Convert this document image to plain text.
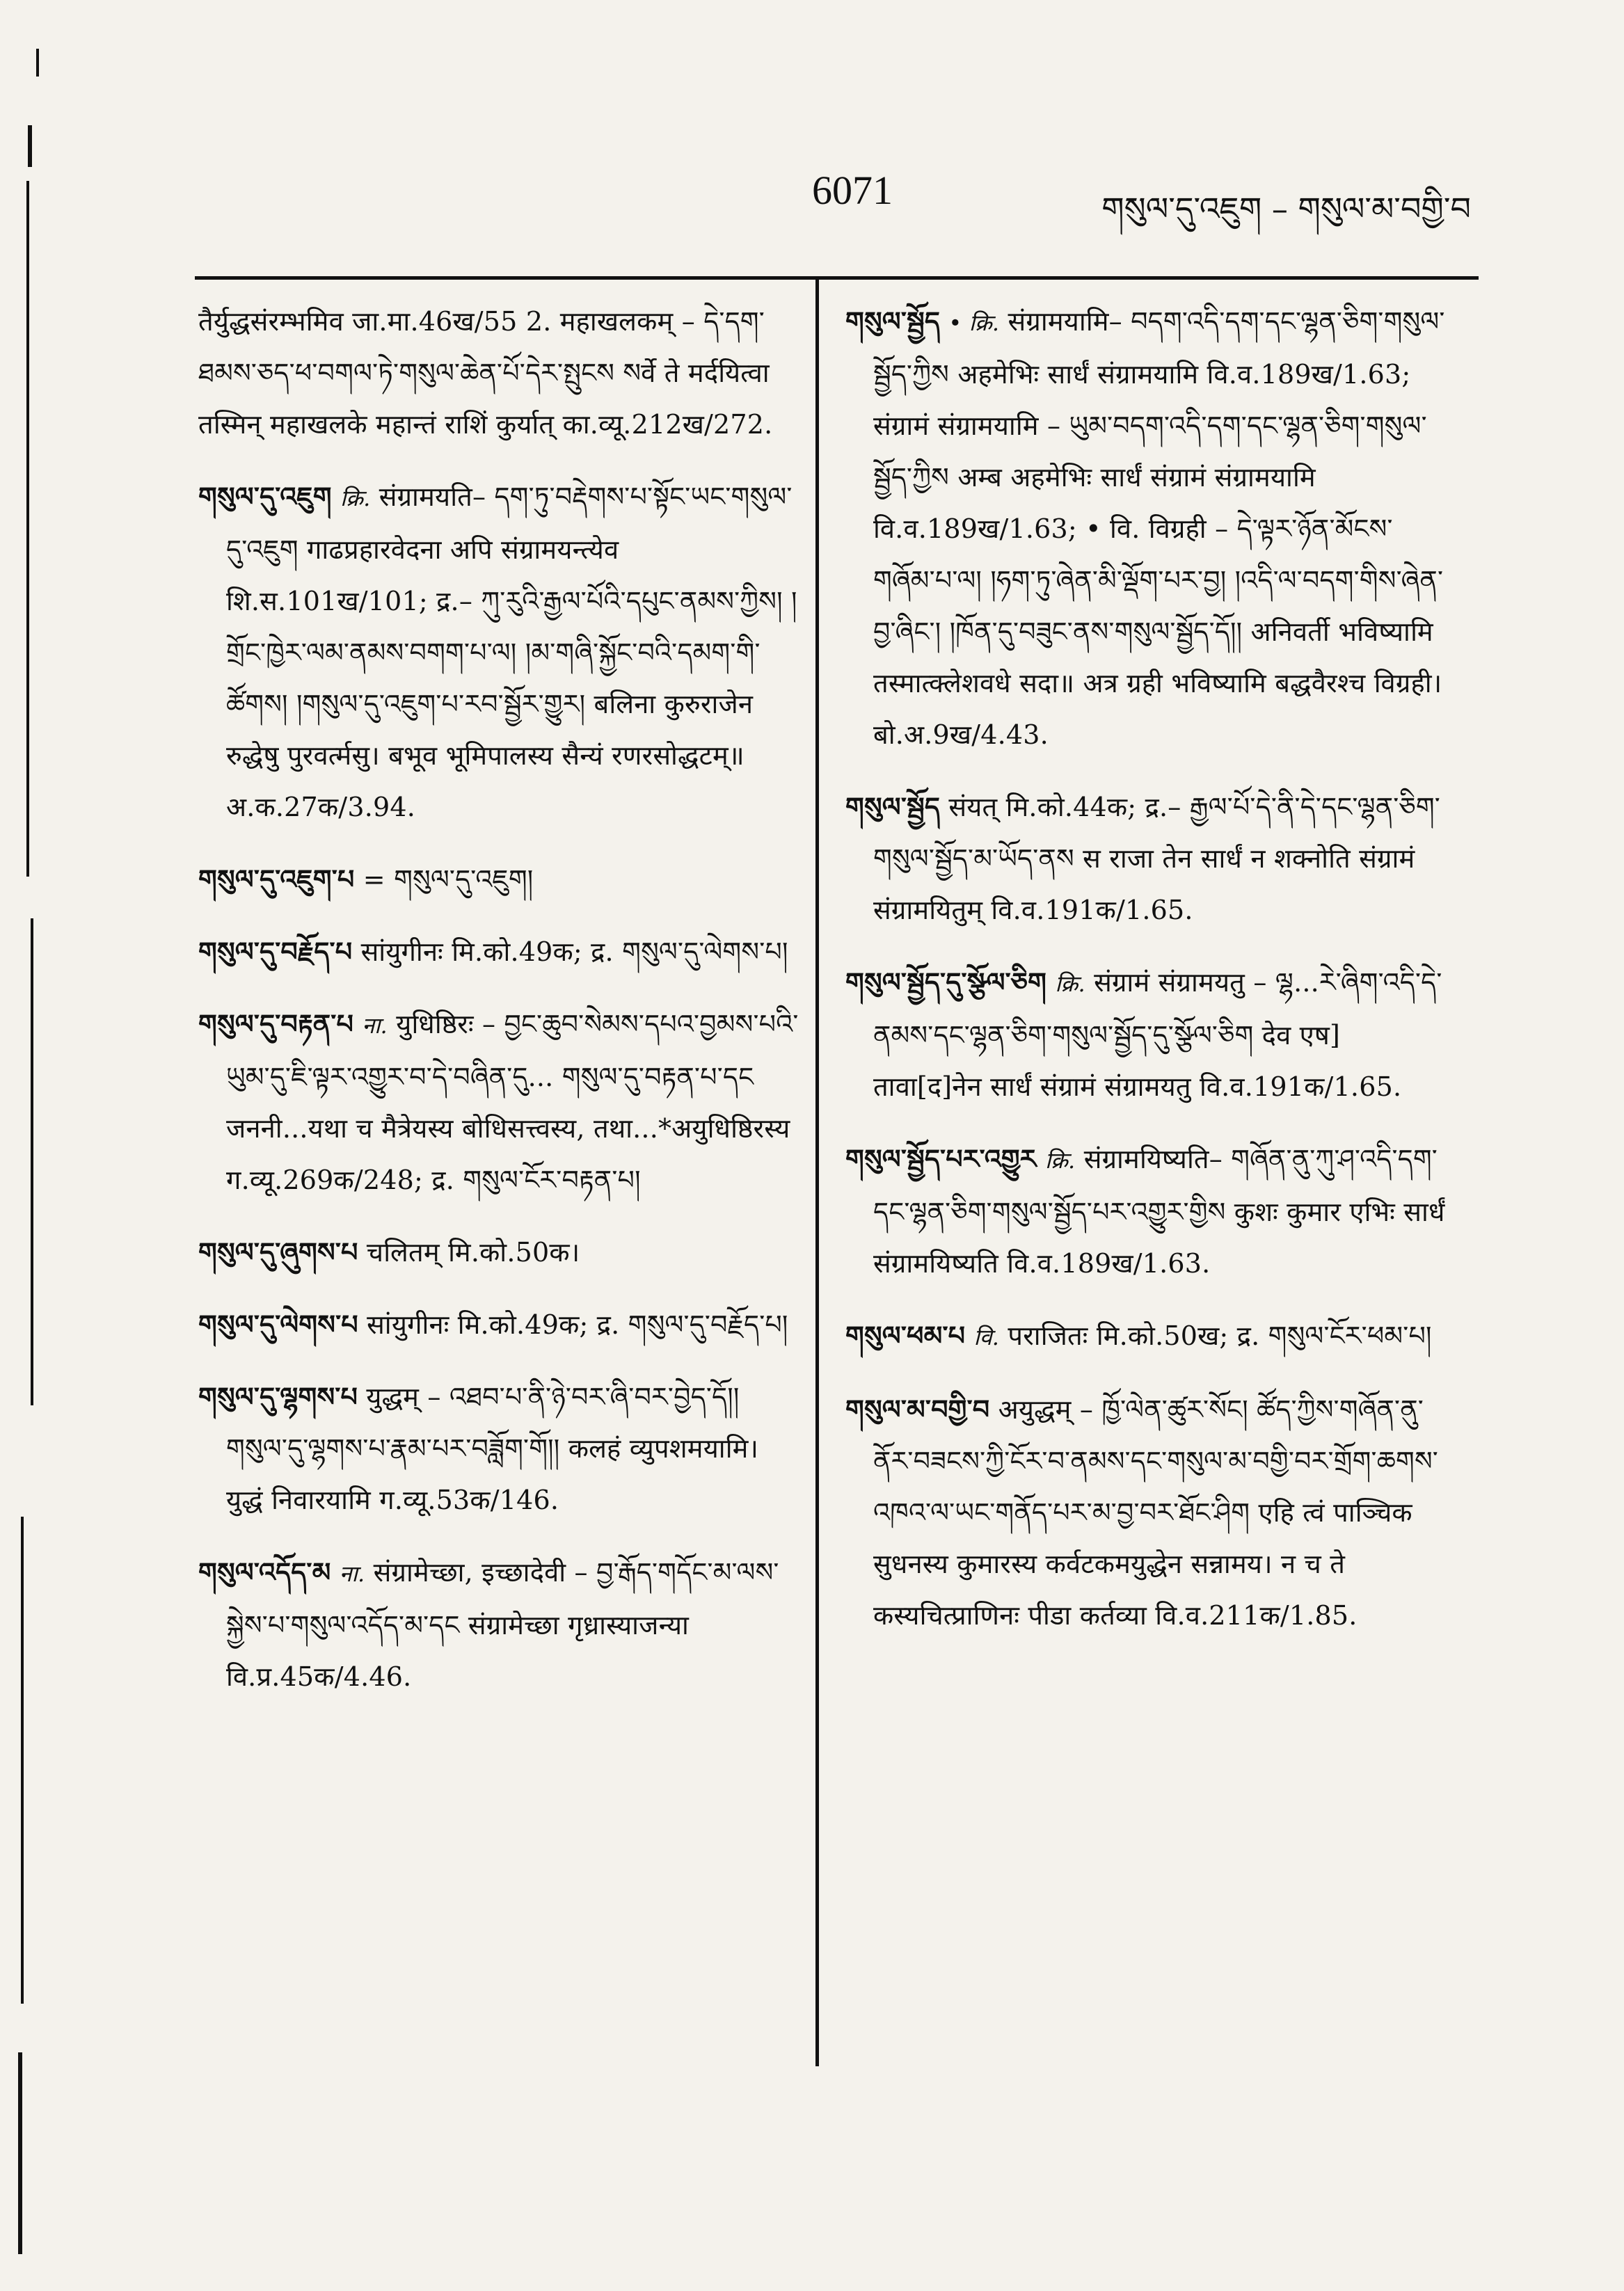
6071	གསུལ་དུ་འཇུག – གསུལ་མ་བགྱི་བ

तैर्युद्धसंरम्भमिव जा.मा.46ख/55 2. महाखलकम् – དེ་དག་ཐམས་ཅད་ཕ་བགལ་ཏེ་གསུལ་ཆེན་པོ་དེར་སྤུངས སर्वे ते मर्दयित्वा तस्मिन् महाखलके महान्तं राशिं कुर्यात् का.व्यू.212ख/272.

གསུལ་དུ་འཇུག क्रि. संग्रामयति– དག་ཏུ་བརྡེགས་པ་སྟོང་ཡང་གསུལ་དུ་འཇུག गाढप्रहारवेदना अपि संग्रामयन्त्येव शि.स.101ख/101; द्र.– ཀུ་རུའི་རྒྱལ་པོའི་དཔུང་ནམས་ཀྱིས། །གྲོང་ཁྱེར་ལམ་ནམས་བགག་པ་ལ། །མ་གཞི་སྐྱོང་བའི་དམག་གི་ཚོགས། །གསུལ་དུ་འཇུག་པ་རབ་སྦྱོར་གྱུར། बलिना कुरुराजेन रुद्धेषु पुरवर्त्मसु। बभूव भूमिपालस्य सैन्यं रणरसोद्धटम्॥ अ.क.27क/3.94.

གསུལ་དུ་འཇུག་པ = གསུལ་དུ་འཇུག།

གསུལ་དུ་བརྗོད་པ सांयुगीनः मि.को.49क; द्र. གསུལ་དུ་ལེགས་པ།

གསུལ་དུ་བརྟན་པ ना. युधिष्ठिरः – བྱང་ཆུབ་སེམས་དཔའ་བྱམས་པའི་ཡུམ་དུ་ཇི་ལྟར་འགྱུར་བ་དེ་བཞིན་དུ... གསུལ་དུ་བརྟན་པ་དང जननी...यथा च मैत्रेयस्य बोधिसत्त्वस्य, तथा...*अयुधिष्ठिरस्य ग.व्यू.269क/248; द्र. གསུལ་ངོར་བརྟན་པ།

གསུལ་དུ་ཞུགས་པ चलितम् मि.को.50क।

གསུལ་དུ་ལེགས་པ सांयुगीनः मि.को.49क; द्र. གསུལ་དུ་བརྗོད་པ།

གསུལ་དུ་ལྷགས་པ युद्धम् – འཐབ་པ་ནི་ཉེ་བར་ཞི་བར་བྱེད་དོ།། གསུལ་དུ་ལྷགས་པ་རྣམ་པར་བཟློག་གོ།། कलहं व्युपशमयामि। युद्धं निवारयामि ग.व्यू.53क/146.

གསུལ་འདོད་མ ना. संग्रामेच्छा, इच्छादेवी – བྱ་རྒོད་གདོང་མ་ལས་སྐྱེས་པ་གསུལ་འདོད་མ་དང संग्रामेच्छा गृध्रास्याजन्या वि.प्र.45क/4.46.

གསུལ་སྦྱོད • क्रि. संग्रामयामि– བདག་འདི་དག་དང་ལྷན་ཅིག་གསུལ་སྦྱོད་ཀྱིས अहमेभिः सार्धं संग्रामयामि वि.व.189ख/1.63; संग्रामं संग्रामयामि – ཡུམ་བདག་འདི་དག་དང་ལྷན་ཅིག་གསུལ་སྦྱོད་ཀྱིས अम्ब अहमेभिः सार्धं संग्रामं संग्रामयामि वि.व.189ख/1.63; • वि. विग्रही – དེ་ལྟར་ཉོན་མོངས་གཞོམ་པ་ལ། །ཧག་ཏུ་ཞེན་མི་ལྡོག་པར་བྱ། །འདི་ལ་བདག་གིས་ཞེན་བྱ་ཞིང་། །ཁོན་དུ་བཟུང་ནས་གསུལ་སྦྱོད་དོ།། अनिवर्ती भविष्यामि तस्मात्क्लेशवधे सदा॥ अत्र ग्रही भविष्यामि बद्धवैरश्च विग्रही। बो.अ.9ख/4.43.

གསུལ་སྦྱོད संयत् मि.को.44क; द्र.– རྒྱལ་པོ་དེ་ནི་དེ་དང་ལྷན་ཅིག་གསུལ་སྦྱོད་མ་ཡོད་ནས स राजा तेन सार्धं न शक्नोति संग्रामं संग्रामयितुम् वि.व.191क/1.65.

གསུལ་སྦྱོད་དུ་སྩོལ་ཅིག क्रि. संग्रामं संग्रामयतु – ལྷ...རེ་ཞིག་འདི་དེ་ནམས་དང་ལྷན་ཅིག་གསུལ་སྦྱོད་དུ་སྩོལ་ཅིག देव एष] तावा[द]नेन सार्धं संग्रामं संग्रामयतु वि.व.191क/1.65.

གསུལ་སྦྱོད་པར་འགྱུར क्रि. संग्रामयिष्यति– གཞོན་ནུ་ཀུ་ཤ་འདི་དག་དང་ལྷན་ཅིག་གསུལ་སྦྱོད་པར་འགྱུར་གྱིས कुशः कुमार एभिः सार्धं संग्रामयिष्यति वि.व.189ख/1.63.

གསུལ་ཕམ་པ वि. पराजितः मि.को.50ख; द्र. གསུལ་ངོར་ཕམ་པ།

གསུལ་མ་བགྱི་བ अयुद्धम् – ཁྱོ་ལེན་ཚུར་སོང། ཚོད་ཀྱིས་གཞོན་ནུ་ནོར་བཟངས་ཀྱི་ངོར་བ་ནམས་དང་གསུལ་མ་བགྱི་བར་གྲོག་ཆགས་འཁའ་ལ་ཡང་གནོད་པར་མ་བྱ་བར་ཐོང་ཤིག एहि त्वं पाञ्चिक सुधनस्य कुमारस्य कर्वटकमयुद्धेन सन्नामय। न च ते कस्यचित्प्राणिनः पीडा कर्तव्या वि.व.211क/1.85.
